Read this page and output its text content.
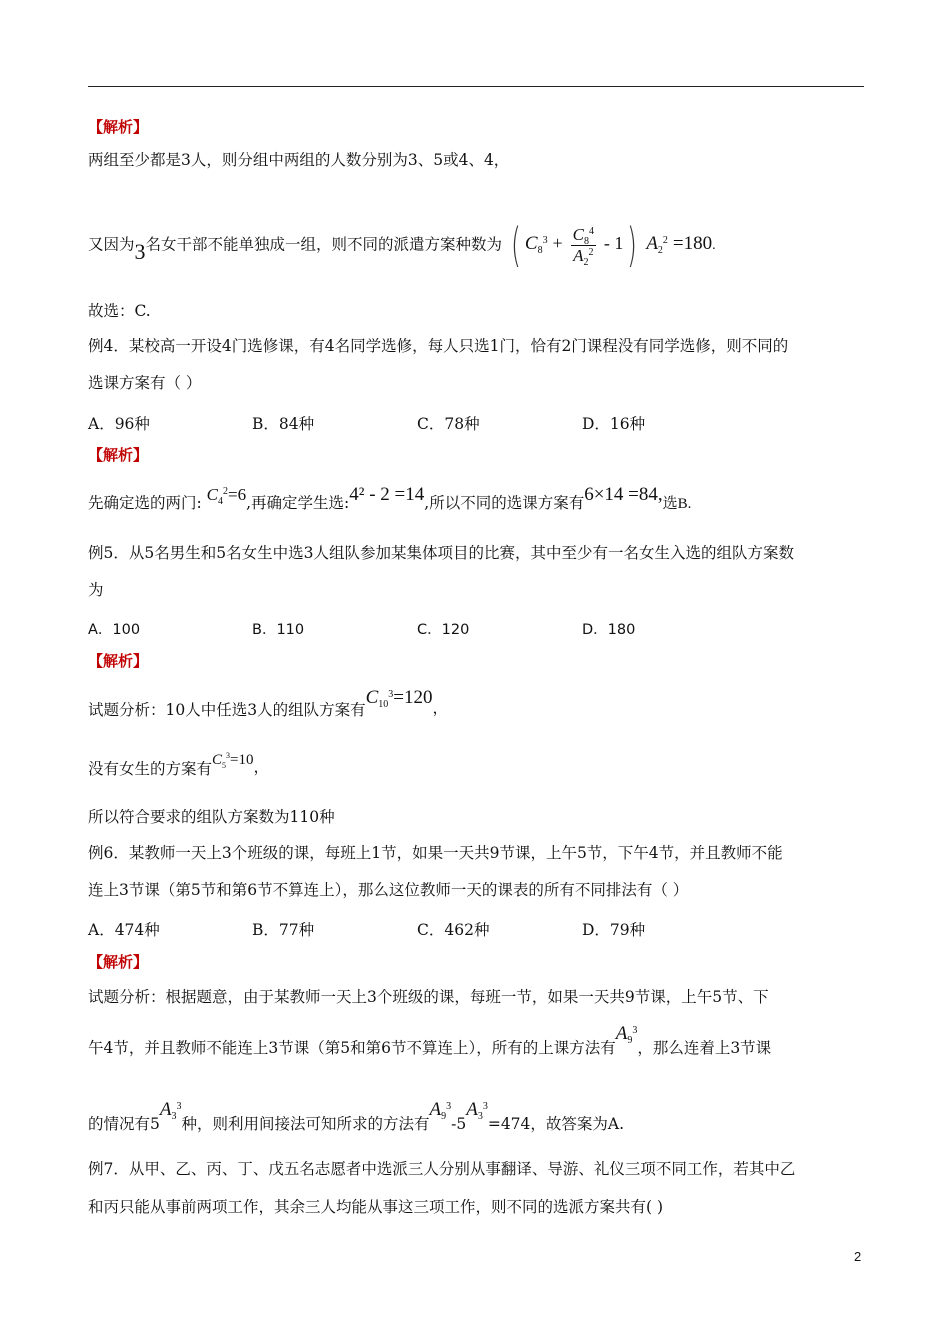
【解析】
两组至少都是3人，则分组中两组的人数分别为3、5或4、4，
又因为3名女干部不能单独成一组，则不同的派遣方案种数为 ( $C_8^3 + \frac{C_8^4}{A_2^2} - 1$) $A_2^2 =180$.
故选：C.
例4．某校高一开设4门选修课，有4名同学选修，每人只选1门，恰有2门课程没有同学选修，则不同的
选课方案有（ ）
A．96种	B．84种	C．78种	D．16种
【解析】
先确定选的两门: $C_4^2=6$,再确定学生选:4² - 2 =14,所以不同的选课方案有6×14 =84,选B.
例5．从5名男生和5名女生中选3人组队参加某集体项目的比赛，其中至少有一名女生入选的组队方案数
为
A．100	B．110	C．120	D．180
【解析】
试题分析：10人中任选3人的组队方案有$C_{10}^3=120$，
没有女生的方案有$C_5^3=10$，
所以符合要求的组队方案数为110种
例6．某教师一天上3个班级的课，每班上1节，如果一天共9节课，上午5节，下午4节，并且教师不能
连上3节课（第5节和第6节不算连上），那么这位教师一天的课表的所有不同排法有（ ）
A．474种	B．77种	C．462种	D．79种
【解析】
试题分析：根据题意，由于某教师一天上3个班级的课，每班一节，如果一天共9节课，上午5节、下
午4节，并且教师不能连上3节课（第5和第6节不算连上），所有的上课方法有$A_9^3$，那么连着上3节课
的情况有$5A_3^3$种，则利用间接法可知所求的方法有$A_9^3-5A_3^3=474$，故答案为A.
例7．从甲、乙、丙、丁、戊五名志愿者中选派三人分别从事翻译、导游、礼仪三项不同工作，若其中乙
和丙只能从事前两项工作，其余三人均能从事这三项工作，则不同的选派方案共有( )
2
